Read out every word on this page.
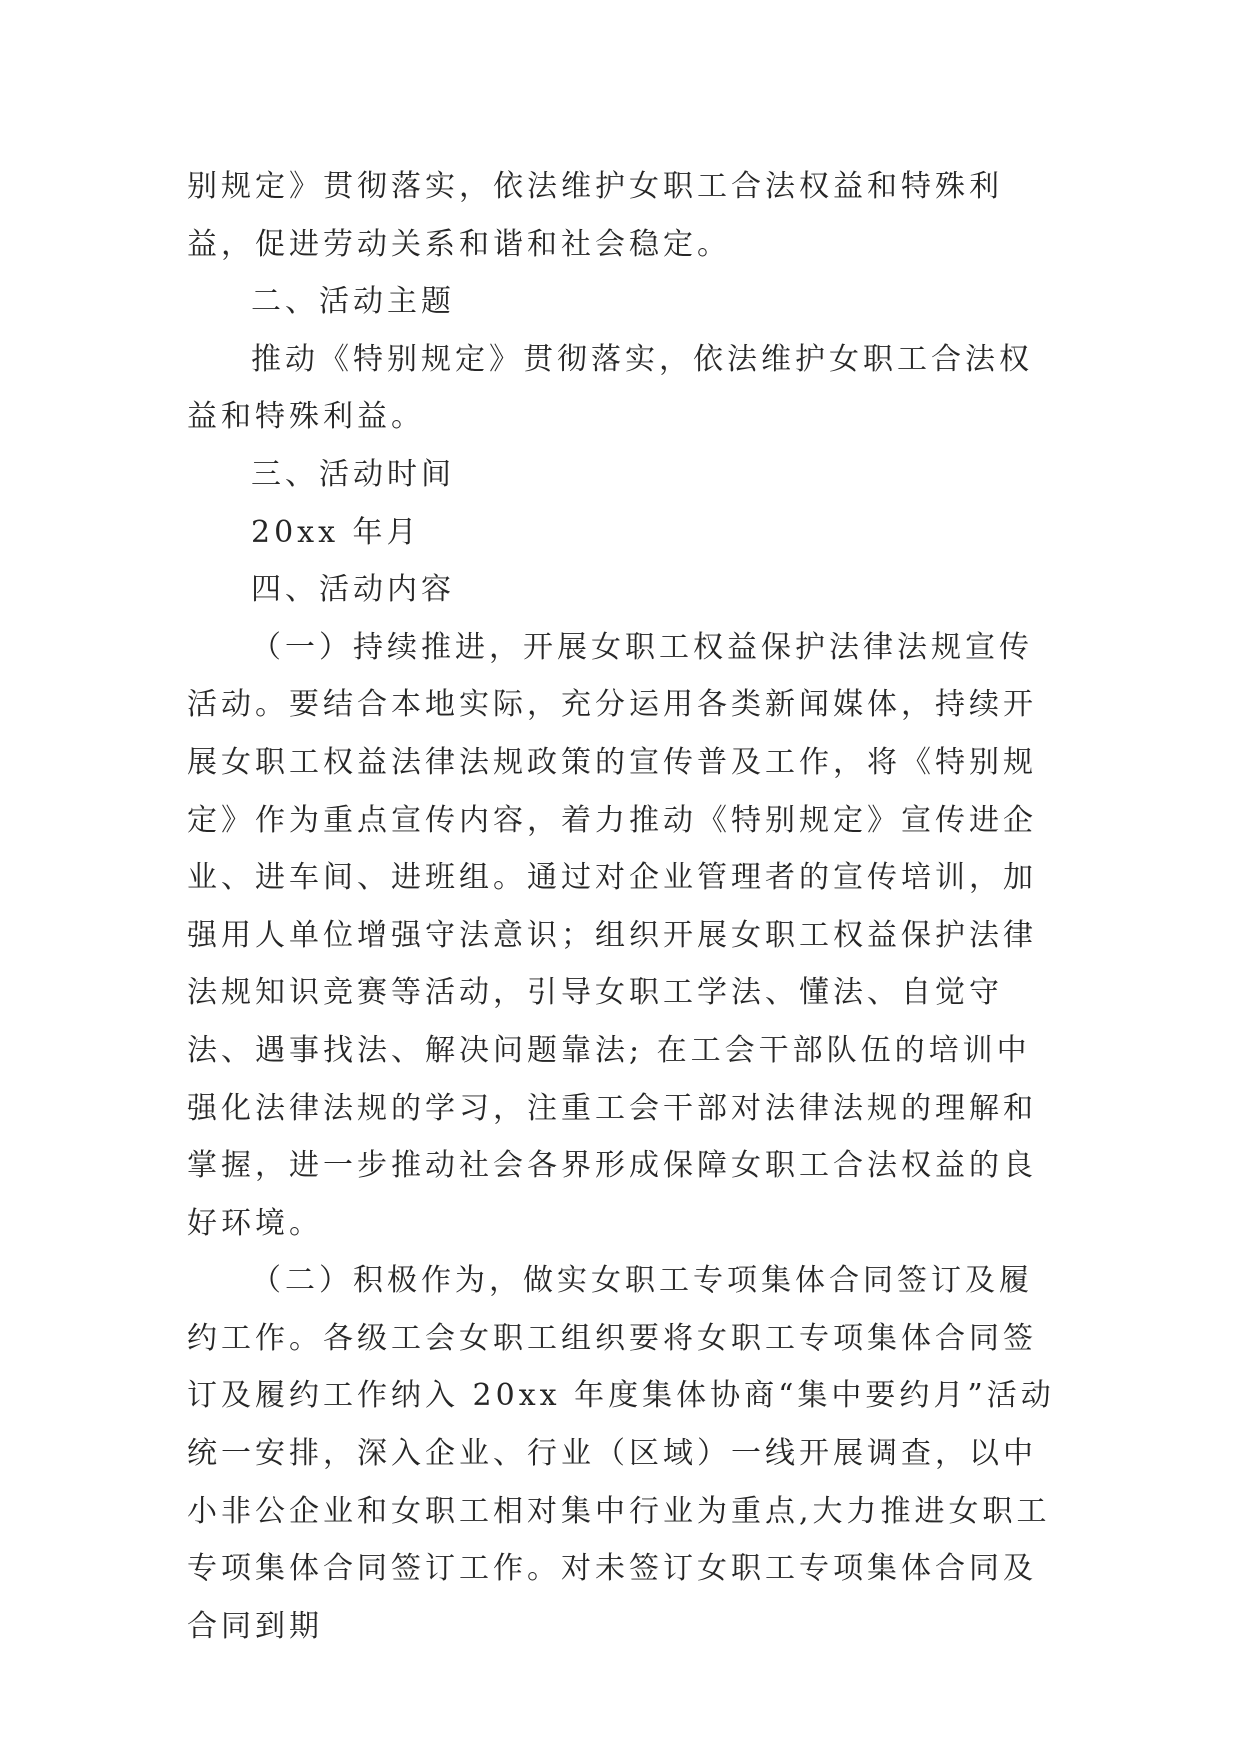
别规定》贯彻落实，依法维护女职工合法权益和特殊利益，促进劳动关系和谐和社会稳定。

二、活动主题

推动《特别规定》贯彻落实，依法维护女职工合法权益和特殊利益。

三、活动时间

20xx 年月

四、活动内容

（一）持续推进，开展女职工权益保护法律法规宣传活动。要结合本地实际，充分运用各类新闻媒体，持续开展女职工权益法律法规政策的宣传普及工作，将《特别规定》作为重点宣传内容，着力推动《特别规定》宣传进企业、进车间、进班组。通过对企业管理者的宣传培训，加强用人单位增强守法意识；组织开展女职工权益保护法律法规知识竞赛等活动，引导女职工学法、懂法、自觉守法、遇事找法、解决问题靠法; 在工会干部队伍的培训中强化法律法规的学习，注重工会干部对法律法规的理解和掌握，进一步推动社会各界形成保障女职工合法权益的良好环境。

（二）积极作为，做实女职工专项集体合同签订及履约工作。各级工会女职工组织要将女职工专项集体合同签订及履约工作纳入 20xx 年度集体协商“集中要约月”活动统一安排，深入企业、行业（区域）一线开展调查，以中小非公企业和女职工相对集中行业为重点,大力推进女职工专项集体合同签订工作。对未签订女职工专项集体合同及合同到期
